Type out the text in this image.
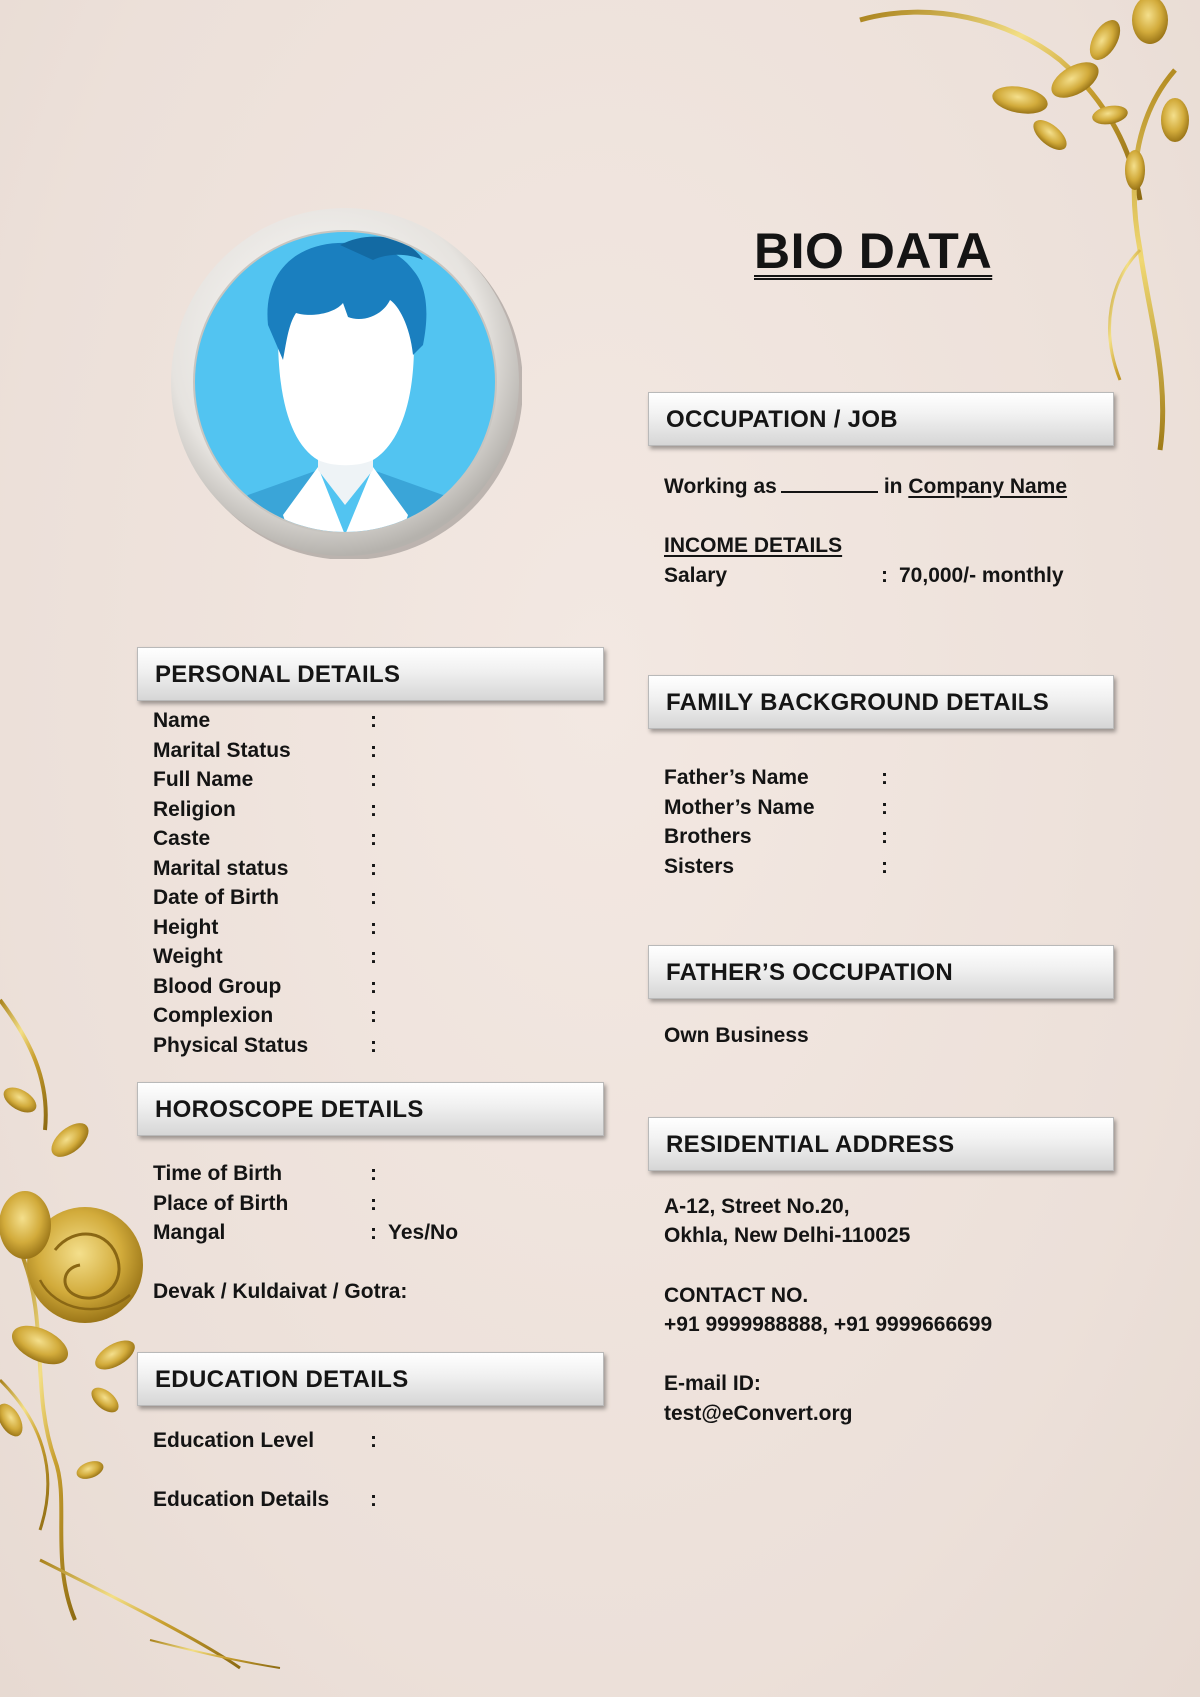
BIO DATA
OCCUPATION / JOB
Working as	in Company Name
INCOME DETAILS
Salary	: 70,000/- monthly
PERSONAL DETAILS
Name	:
Marital Status	:
Full Name	:
Religion	:
Caste	:
Marital status	:
Date of Birth	:
Height	:
Weight	:
Blood Group	:
Complexion	:
Physical Status	:
HOROSCOPE DETAILS
Time of Birth	:
Place of Birth	:
Mangal	: Yes/No
Devak / Kuldaivat / Gotra:
EDUCATION DETAILS
Education Level	:
Education Details :
FAMILY BACKGROUND DETAILS
Father’s Name	:
Mother’s Name	:
Brothers	:
Sisters	:
FATHER’S OCCUPATION
Own Business
RESIDENTIAL ADDRESS
A-12, Street No.20,
Okhla, New Delhi-110025
CONTACT NO.
+91 9999988888, +91 9999666699
E-mail ID:
test@eConvert.org
